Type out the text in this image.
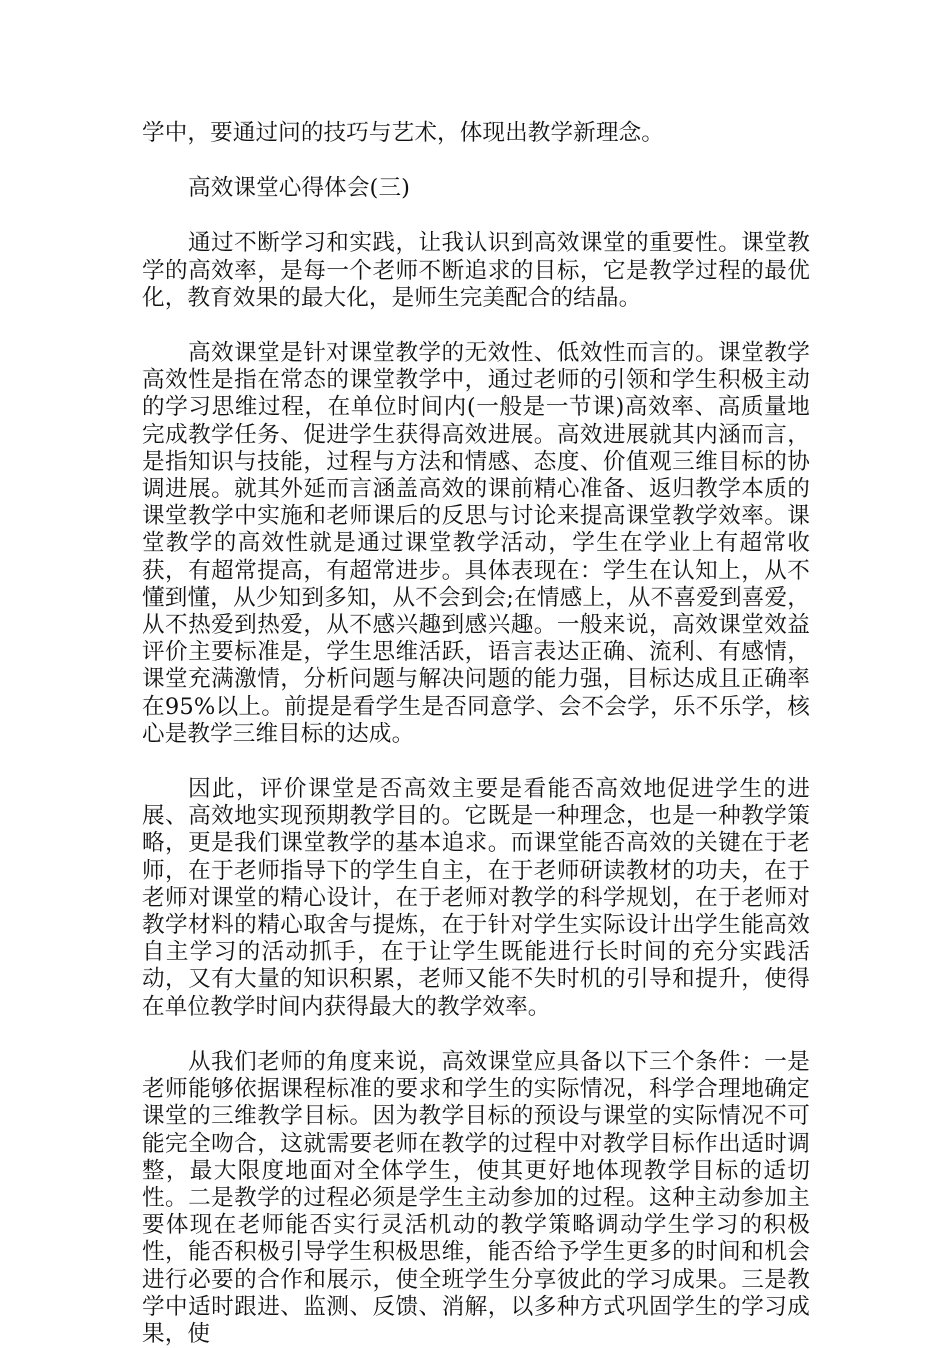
学中，要通过问的技巧与艺术，体现出教学新理念。

高效课堂心得体会(三)

通过不断学习和实践，让我认识到高效课堂的重要性。课堂教学的高效率，是每一个老师不断追求的目标，它是教学过程的最优化，教育效果的最大化，是师生完美配合的结晶。

高效课堂是针对课堂教学的无效性、低效性而言的。课堂教学高效性是指在常态的课堂教学中，通过老师的引领和学生积极主动的学习思维过程，在单位时间内(一般是一节课)高效率、高质量地完成教学任务、促进学生获得高效进展。高效进展就其内涵而言，是指知识与技能，过程与方法和情感、态度、价值观三维目标的协调进展。就其外延而言涵盖高效的课前精心准备、返归教学本质的课堂教学中实施和老师课后的反思与讨论来提高课堂教学效率。课堂教学的高效性就是通过课堂教学活动，学生在学业上有超常收获，有超常提高，有超常进步。具体表现在：学生在认知上，从不懂到懂，从少知到多知，从不会到会;在情感上，从不喜爱到喜爱，从不热爱到热爱，从不感兴趣到感兴趣。一般来说，高效课堂效益评价主要标准是，学生思维活跃，语言表达正确、流利、有感情，课堂充满激情，分析问题与解决问题的能力强，目标达成且正确率在95%以上。前提是看学生是否同意学、会不会学，乐不乐学，核心是教学三维目标的达成。

因此，评价课堂是否高效主要是看能否高效地促进学生的进展、高效地实现预期教学目的。它既是一种理念，也是一种教学策略，更是我们课堂教学的基本追求。而课堂能否高效的关键在于老师，在于老师指导下的学生自主，在于老师研读教材的功夫，在于老师对课堂的精心设计，在于老师对教学的科学规划，在于老师对教学材料的精心取舍与提炼，在于针对学生实际设计出学生能高效自主学习的活动抓手，在于让学生既能进行长时间的充分实践活动，又有大量的知识积累，老师又能不失时机的引导和提升，使得在单位教学时间内获得最大的教学效率。

从我们老师的角度来说，高效课堂应具备以下三个条件：一是老师能够依据课程标准的要求和学生的实际情况，科学合理地确定课堂的三维教学目标。因为教学目标的预设与课堂的实际情况不可能完全吻合，这就需要老师在教学的过程中对教学目标作出适时调整，最大限度地面对全体学生，使其更好地体现教学目标的适切性。二是教学的过程必须是学生主动参加的过程。这种主动参加主要体现在老师能否实行灵活机动的教学策略调动学生学习的积极性，能否积极引导学生积极思维，能否给予学生更多的时间和机会进行必要的合作和展示，使全班学生分享彼此的学习成果。三是教学中适时跟进、监测、反馈、消解，以多种方式巩固学生的学习成果，使
